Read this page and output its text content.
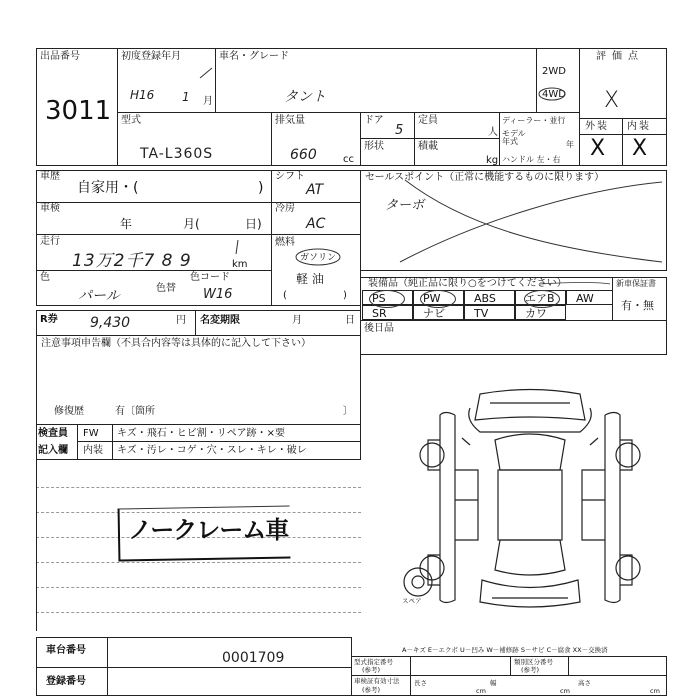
出品番号
3011
初度登録年月
H16 1 月
車名・グレード
タント
2WD
4WD
評価点
X
外装 内装
X X
型式
TA-L360S
排気量
660	cc
ドア
5
定員
人
形状	積載
kg
ディーラー・並行
モデル年式	年
ハンドル 左・右
車歴
自家用・(	)
シフト
AT
車検
年	月(	日)
冷房
AC
走行
13万2千7 8 9	km
燃料
ガソリン
軽 油
(	)
色
パール	色替
色コード
W16
セールスポイント（正常に機能するものに限ります）
ターボ
装備品（純正品に限り○をつけてください）
PS	PW	ABS	エアB AW
SR	ナビ	TV	カワ
新車保証書
有・無
後日品
R券 9,430	円 名変期限	月	日
注意事項申告欄（不具合内容等は具体的に記入して下さい）
修復歴	有〔箇所	〕
検査員
記入欄
FW キズ・飛石・ヒビ割・リペア跡・×要
内装 キズ・汚レ・コゲ・穴・スレ・キレ・破レ
ノークレーム車
A－キズ E－エクボ U－凹み W－補修跡 S－サビ C－腐食 XX－交換済
車台番号	0001709
登録番号
型式指定番号
(参考)
類別区分番号
(参考)
車検証有効寸法
(参考)
長さ
cm
幅
cm
高さ
cm
スペア
